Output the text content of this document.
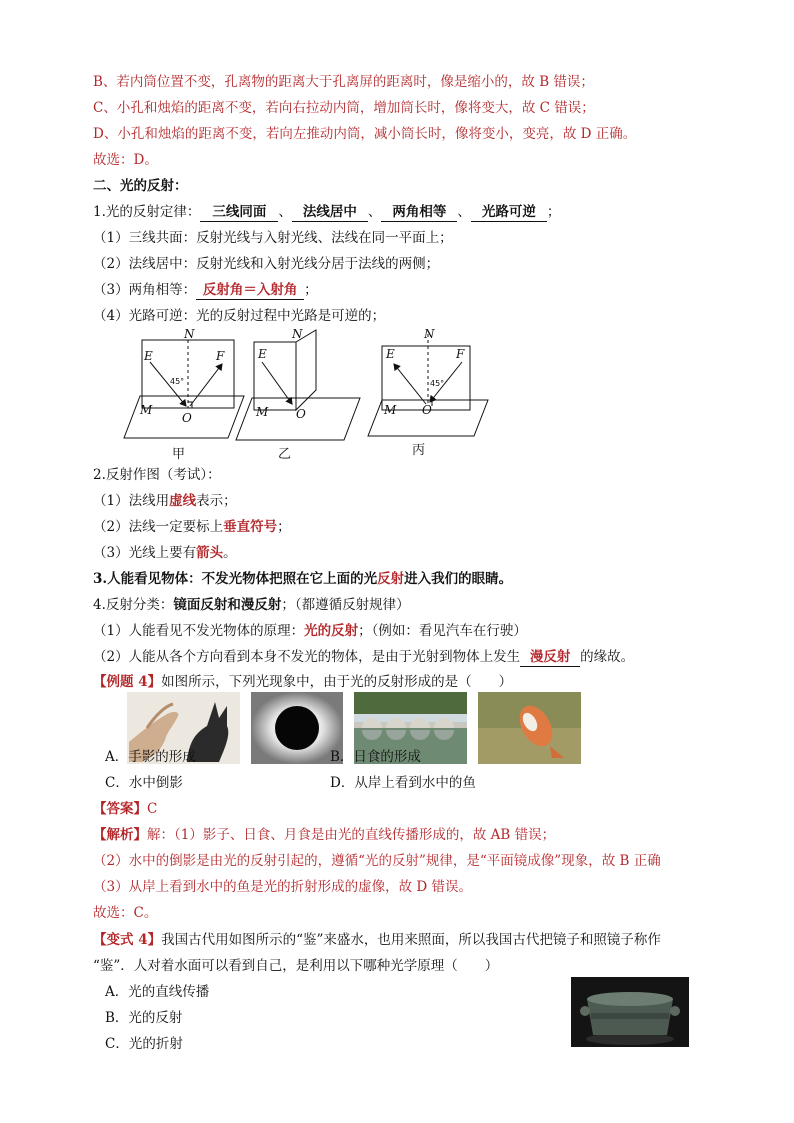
B、若内筒位置不变，孔离物的距离大于孔离屏的距离时，像是缩小的，故 B 错误；
C、小孔和烛焰的距离不变，若向右拉动内筒，增加筒长时，像将变大，故 C 错误；
D、小孔和烛焰的距离不变，若向左推动内筒，减小筒长时，像将变小，变亮，故 D 正确。
故选：D。
二、光的反射：
1.光的反射定律： 三线同面 、 法线居中 、 两角相等 、 光路可逆 ；
（1）三线共面：反射光线与入射光线、法线在同一平面上；
（2）法线居中：反射光线和入射光线分居于法线的两侧；
（3）两角相等： 反射角＝入射角 ；
（4）光路可逆：光的反射过程中光路是可逆的；
N
E	F
O
M
N
E
O
M
N
E	F
O
M
45°	45°
甲	乙	丙
2.反射作图（考试）：
（1）法线用虚线表示；
（2）法线一定要标上垂直符号；
（3）光线上要有箭头。
3.人能看见物体：不发光物体把照在它上面的光反射进入我们的眼睛。
4.反射分类：镜面反射和漫反射；（都遵循反射规律）
（1）人能看见不发光物体的原理：光的反射；（例如：看见汽车在行驶）
（2）人能从各个方向看到本身不发光的物体，是由于光射到物体上发生 漫反射 的缘故。
【例题 4】如图所示，下列光现象中，由于光的反射形成的是（　　）
A．手影的形成	B．日食的形成
C．水中倒影	D．从岸上看到水中的鱼
【答案】C
【解析】解：（1）影子、日食、月食是由光的直线传播形成的，故 AB 错误；
（2）水中的倒影是由光的反射引起的，遵循“光的反射”规律，是“平面镜成像”现象，故 B 正确
（3）从岸上看到水中的鱼是光的折射形成的虚像，故 D 错误。
故选：C。
【变式 4】我国古代用如图所示的“鉴”来盛水，也用来照面，所以我国古代把镜子和照镜子称作
“鉴”．人对着水面可以看到自己，是利用以下哪种光学原理（　　）
A．光的直线传播
B．光的反射
C．光的折射
